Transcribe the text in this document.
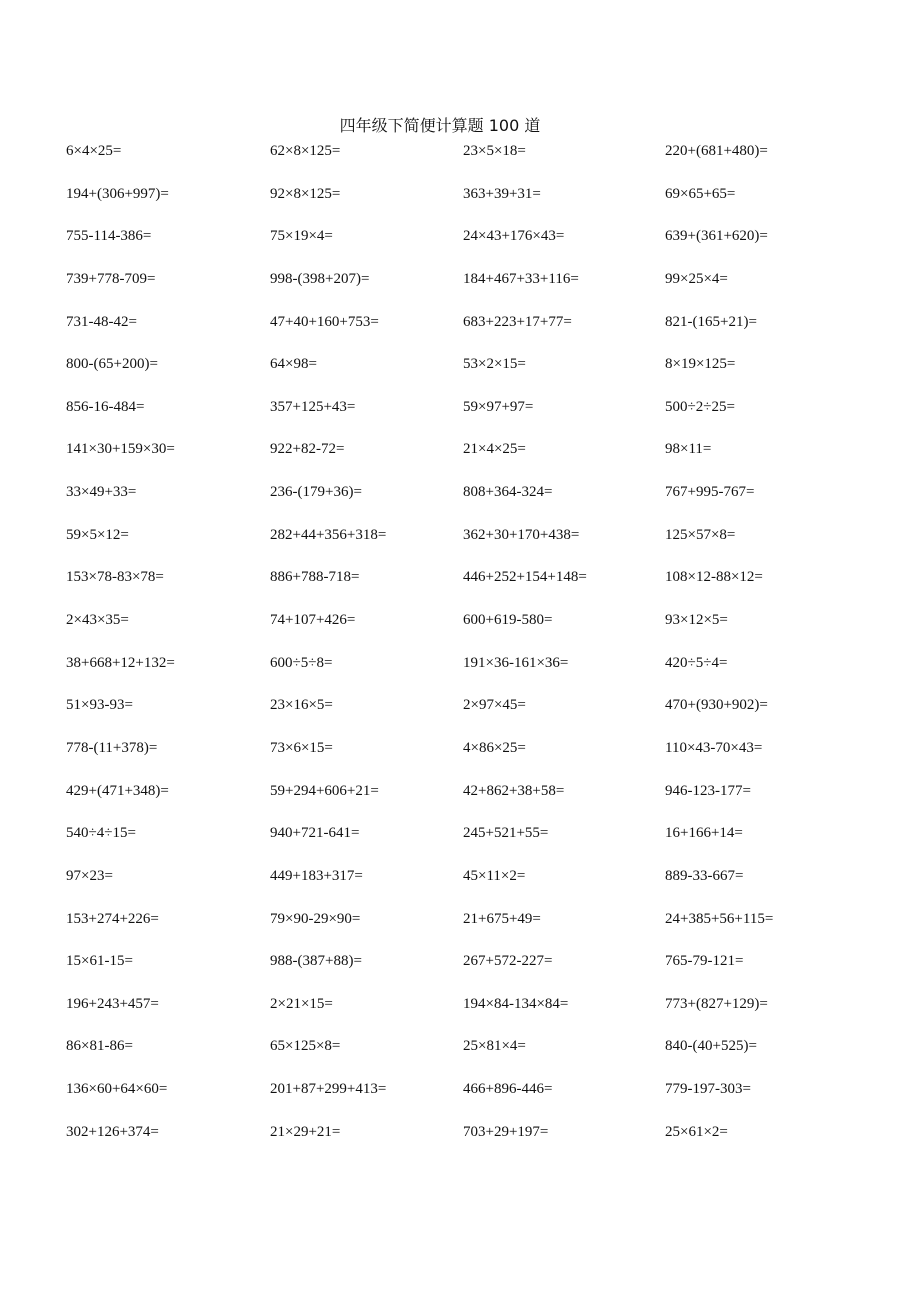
四年级下简便计算题 100 道
6×4×25=	62×8×125=	23×5×18=	220+(681+480)=
194+(306+997)=	92×8×125=	363+39+31=	69×65+65=
755-114-386=	75×19×4=	24×43+176×43=	639+(361+620)=
739+778-709=	998-(398+207)=	184+467+33+116=	99×25×4=
731-48-42=	47+40+160+753=	683+223+17+77=	821-(165+21)=
800-(65+200)=	64×98=	53×2×15=	8×19×125=
856-16-484=	357+125+43=	59×97+97=	500÷2÷25=
141×30+159×30=	922+82-72=	21×4×25=	98×11=
33×49+33=	236-(179+36)=	808+364-324=	767+995-767=
59×5×12=	282+44+356+318=	362+30+170+438=	125×57×8=
153×78-83×78=	886+788-718=	446+252+154+148=	108×12-88×12=
2×43×35=	74+107+426=	600+619-580=	93×12×5=
38+668+12+132=	600÷5÷8=	191×36-161×36=	420÷5÷4=
51×93-93=	23×16×5=	2×97×45=	470+(930+902)=
778-(11+378)=	73×6×15=	4×86×25=	110×43-70×43=
429+(471+348)=	59+294+606+21=	42+862+38+58=	946-123-177=
540÷4÷15=	940+721-641=	245+521+55=	16+166+14=
97×23=	449+183+317=	45×11×2=	889-33-667=
153+274+226=	79×90-29×90=	21+675+49=	24+385+56+115=
15×61-15=	988-(387+88)=	267+572-227=	765-79-121=
196+243+457=	2×21×15=	194×84-134×84=	773+(827+129)=
86×81-86=	65×125×8=	25×81×4=	840-(40+525)=
136×60+64×60=	201+87+299+413=	466+896-446=	779-197-303=
302+126+374=	21×29+21=	703+29+197=	25×61×2=
